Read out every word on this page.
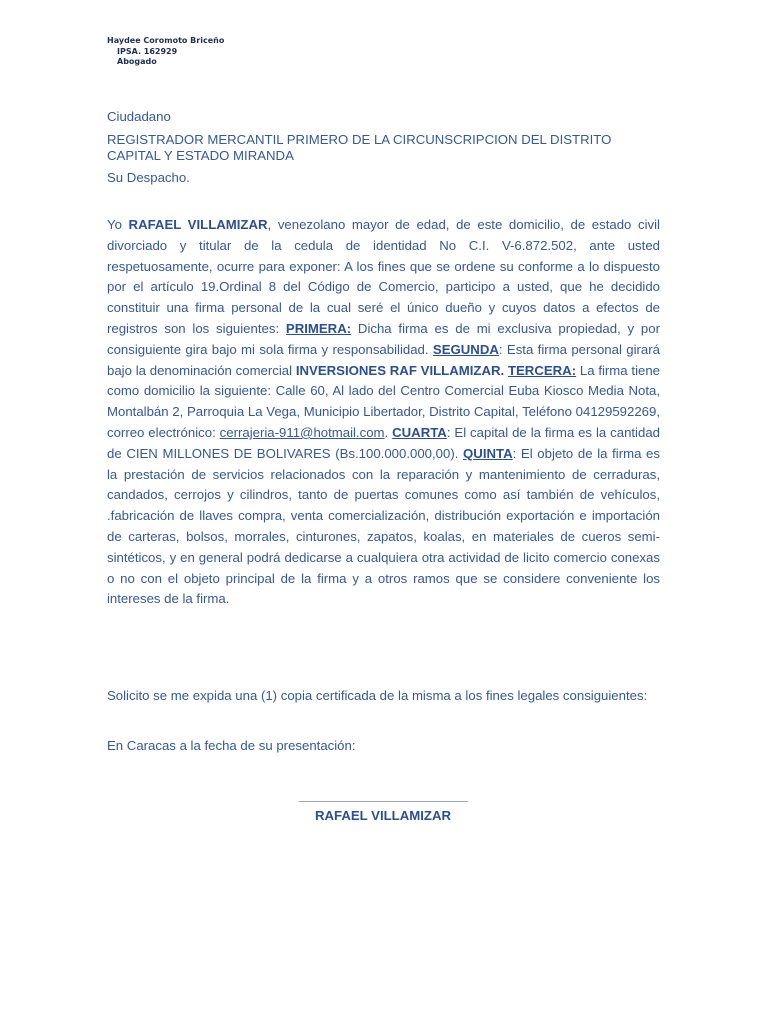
Haydee Coromoto Briceño
IPSA. 162929
Abogado

Ciudadano

REGISTRADOR MERCANTIL PRIMERO DE LA CIRCUNSCRIPCION DEL DISTRITO CAPITAL Y ESTADO MIRANDA

Su Despacho.

Yo RAFAEL VILLAMIZAR, venezolano mayor de edad, de este domicilio, de estado civil divorciado y titular de la cedula de identidad No C.I. V-6.872.502, ante usted respetuosamente, ocurre para exponer: A los fines que se ordene su conforme a lo dispuesto por el artículo 19.Ordinal 8 del Código de Comercio, participo a usted, que he decidido constituir una firma personal de la cual seré el único dueño y cuyos datos a efectos de registros son los siguientes: PRIMERA: Dicha firma es de mi exclusiva propiedad, y por consiguiente gira bajo mi sola firma y responsabilidad. SEGUNDA: Esta firma personal girará bajo la denominación comercial INVERSIONES RAF VILLAMIZAR. TERCERA: La firma tiene como domicilio la siguiente: Calle 60, Al lado del Centro Comercial Euba Kiosco Media Nota, Montalbán 2, Parroquia La Vega, Municipio Libertador, Distrito Capital, Teléfono 04129592269, correo electrónico: cerrajeria-911@hotmail.com. CUARTA: El capital de la firma es la cantidad de CIEN MILLONES DE BOLIVARES (Bs.100.000.000,00). QUINTA: El objeto de la firma es la prestación de servicios relacionados con la reparación y mantenimiento de cerraduras, candados, cerrojos y cilindros, tanto de puertas comunes como así también de vehículos, .fabricación de llaves compra, venta comercialización, distribución exportación e importación de carteras, bolsos, morrales, cinturones, zapatos, koalas, en materiales de cueros semi- sintéticos, y en general podrá dedicarse a cualquiera otra actividad de licito comercio conexas o no con el objeto principal de la firma y a otros ramos que se considere conveniente los intereses de la firma.
Solicito se me expida una (1) copia certificada de la misma a los fines legales consiguientes:
En Caracas a la fecha de su presentación:
_________________________
RAFAEL VILLAMIZAR
